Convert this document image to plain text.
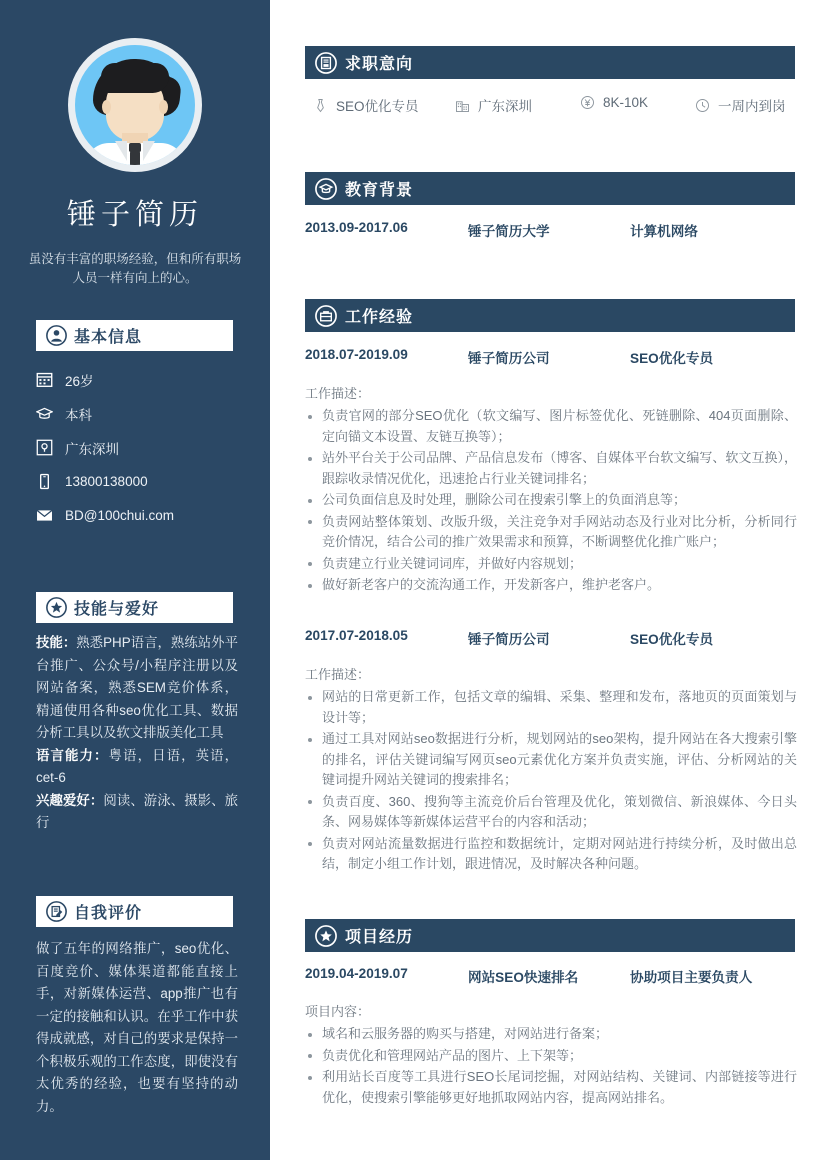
锤子简历
虽没有丰富的职场经验，但和所有职场人员一样有向上的心。
基本信息
26岁
本科
广东深圳
13800138000
BD@100chui.com
技能与爱好
技能：熟悉PHP语言，熟练站外平台推广、公众号/小程序注册以及网站备案，熟悉SEM竞价体系，精通使用各种seo优化工具、数据分析工具以及软文排版美化工具
语言能力：粤语，日语，英语，cet-6
兴趣爱好：阅读、游泳、摄影、旅行
自我评价
做了五年的网络推广，seo优化、百度竞价、媒体渠道都能直接上手，对新媒体运营、app推广也有一定的接触和认识。在乎工作中获得成就感，对自己的要求是保持一个积极乐观的工作态度，即使没有太优秀的经验，也要有坚持的动力。
求职意向
SEO优化专员	广东深圳	8K-10K	一周内到岗
教育背景
2013.09-2017.06	锤子简历大学	计算机网络
工作经验
2018.07-2019.09	锤子简历公司	SEO优化专员
工作描述：
负责官网的部分SEO优化（软文编写、图片标签优化、死链删除、404页面删除、定向锚文本设置、友链互换等）；
站外平台关于公司品牌、产品信息发布（博客、自媒体平台软文编写、软文互换），跟踪收录情况优化，迅速抢占行业关键词排名；
公司负面信息及时处理，删除公司在搜索引擎上的负面消息等；
负责网站整体策划、改版升级，关注竞争对手网站动态及行业对比分析，分析同行竞价情况，结合公司的推广效果需求和预算，不断调整优化推广账户；
负责建立行业关键词词库，并做好内容规划；
做好新老客户的交流沟通工作，开发新客户，维护老客户。
2017.07-2018.05	锤子简历公司	SEO优化专员
工作描述：
网站的日常更新工作，包括文章的编辑、采集、整理和发布，落地页的页面策划与设计等；
通过工具对网站seo数据进行分析，规划网站的seo架构，提升网站在各大搜索引擎的排名，评估关键词编写网页seo元素优化方案并负责实施，评估、分析网站的关键词提升网站关键词的搜索排名；
负责百度、360、搜狗等主流竞价后台管理及优化，策划微信、新浪媒体、今日头条、网易媒体等新媒体运营平台的内容和活动；
负责对网站流量数据进行监控和数据统计，定期对网站进行持续分析，及时做出总结，制定小组工作计划，跟进情况，及时解决各种问题。
项目经历
2019.04-2019.07	网站SEO快速排名	协助项目主要负责人
项目内容：
域名和云服务器的购买与搭建，对网站进行备案；
负责优化和管理网站产品的图片、上下架等；
利用站长百度等工具进行SEO长尾词挖掘，对网站结构、关键词、内部链接等进行优化，使搜索引擎能够更好地抓取网站内容，提高网站排名。
